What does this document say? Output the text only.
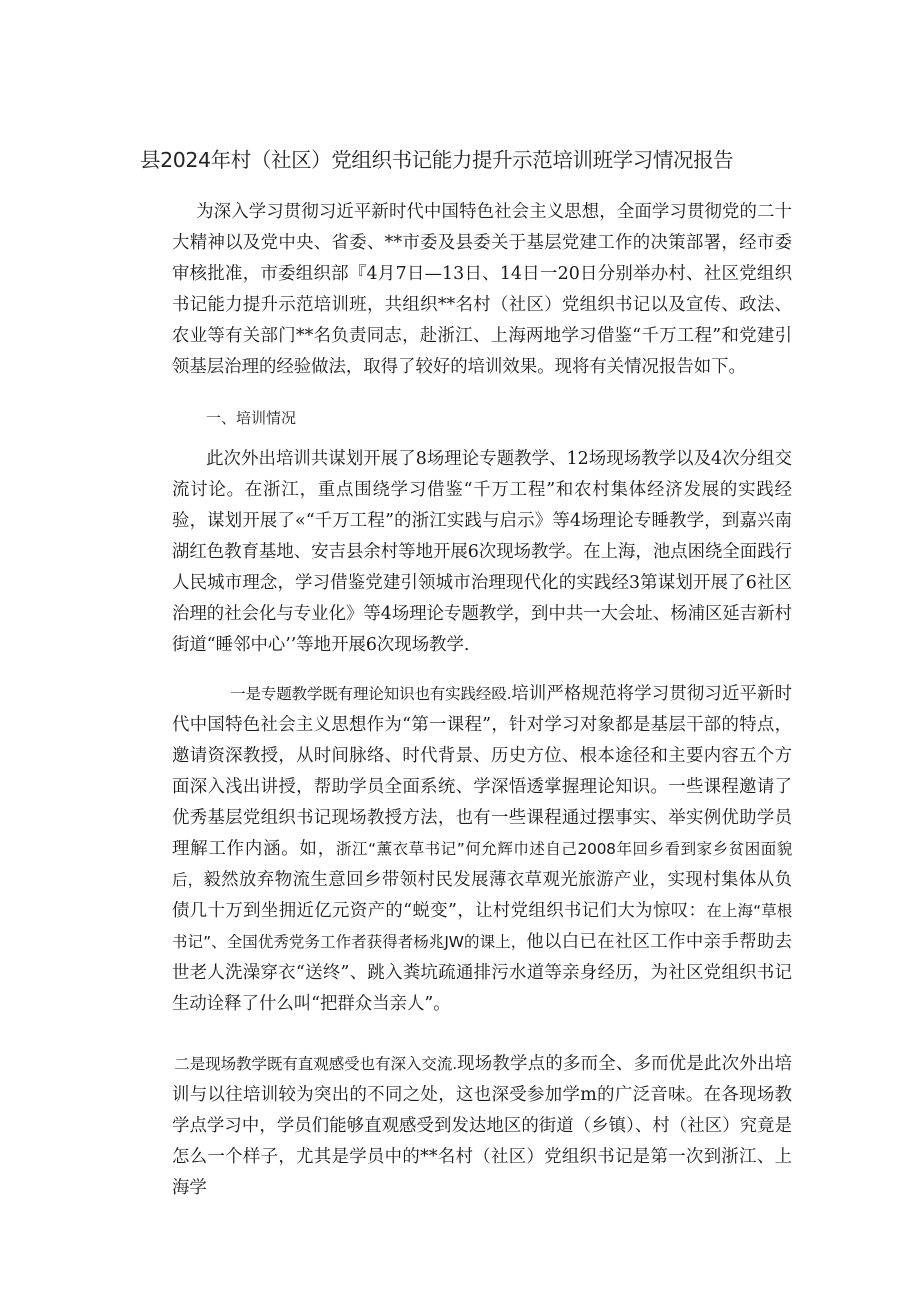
县2024年村（社区）党组织书记能力提升示范培训班学习情况报告

为深入学习贯彻习近平新时代中国特色社会主义思想，全面学习贯彻党的二十大精神以及党中央、省委、**市委及县委关于基层党建工作的决策部署，经市委审核批准，市委组织部『4月7日—13日、14日一20日分别举办村、社区党组织书记能力提升示范培训班，共组织**名村（社区）党组织书记以及宣传、政法、农业等有关部门**名负责同志，赴浙江、上海两地学习借鉴“千万工程”和党建引领基层治理的经验做法，取得了较好的培训效果。现将有关情况报告如下。

一、培训情况

此次外出培训共谋划开展了8场理论专题教学、12场现场教学以及4次分组交流讨论。在浙江，重点围绕学习借鉴“千万工程”和农村集体经济发展的实践经验，谋划开展了«“千万工程”的浙江实践与启示》等4场理论专睡教学，到嘉兴南湖红色教育基地、安吉县余村等地开展6次现场教学。在上海，池点困绕全面践行人民城市理念，学习借鉴党建引领城市治理现代化的实践经3第谋划开展了6社区治理的社会化与专业化》等4场理论专题教学，到中共一大会址、杨浦区延吉新村街道“睡邻中心’’等地开展6次现场教学.

一是专题教学既有理论知识也有实践经殴.培训严格规范将学习贯彻习近平新时代中国特色社会主义思想作为“第一课程”，针对学习对象都是基层干部的特点，邀请资深教授，从时间脉络、时代背景、历史方位、根本途径和主要内容五个方面深入浅出讲授，帮助学员全面系统、学深悟透掌握理论知识。一些课程邀请了优秀基层党组织书记现场教授方法，也有一些课程通过摆事实、举实例优助学员理解工作内涵。如，浙江“薰衣草书记”何允辉巾述自己2008年回乡看到家乡贫困面貌后，毅然放弃物流生意回乡带领村民发展薄衣草观光旅游产业，实现村集体从负债几十万到坐拥近亿元资产的“蜕变”，让村党组织书记们大为惊叹：在上海“草根书记”、全国优秀党务工作者获得者杨兆JW的课上，他以白已在社区工作中亲手帮助去世老人洗澡穿衣“送终”、跳入粪坑疏通排污水道等亲身经历，为社区党组织书记生动诠释了什么叫“把群众当亲人”。

二是现场教学既有直观感受也有深入交流.现场教学点的多而全、多而优是此次外出培训与以往培训较为突出的不同之处，这也深受参加学m的广泛音味。在各现场教学点学习中，学员们能够直观感受到发达地区的街道（乡镇）、村（社区）究竟是怎么一个样子，尤其是学员中的**名村（社区）党组织书记是第一次到浙江、上海学
